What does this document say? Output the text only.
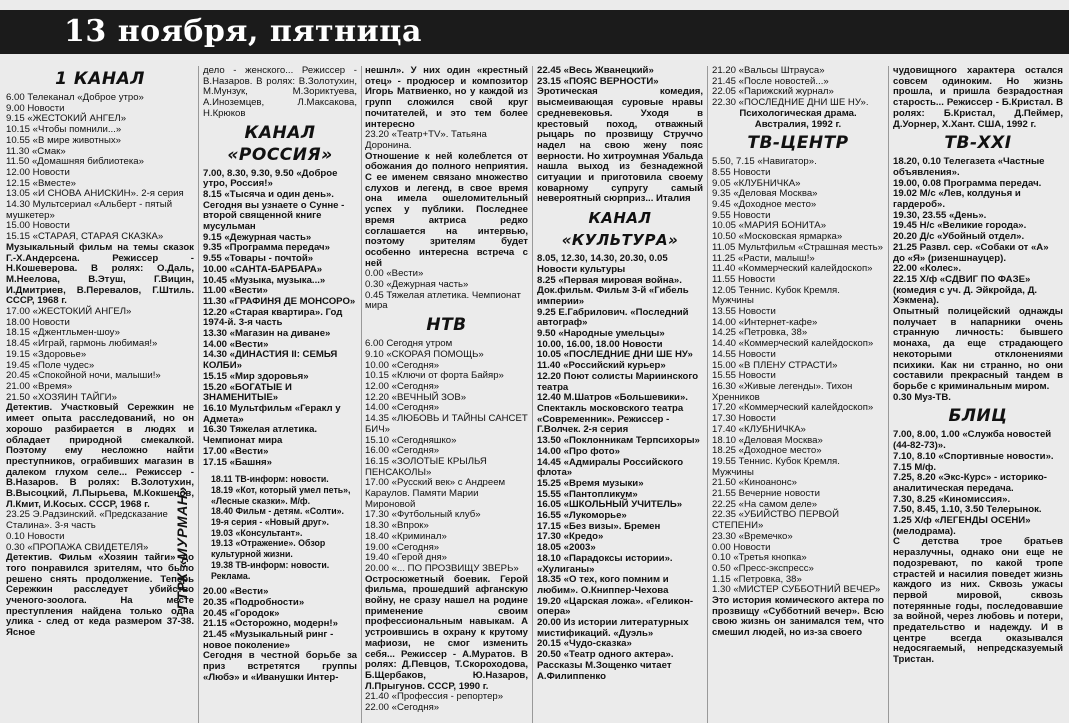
13 ноября, пятница
1 КАНАЛ

6.00 Телеканал «Доброе утро»
9.00 Новости
9.15 «ЖЕСТОКИЙ АНГЕЛ»
10.15 «Чтобы помнили...»
10.55 «В мире животных»
11.30 «Смак»
11.50 «Домашняя библиотека»
12.00 Новости
12.15 «Вместе»
13.05 «И СНОВА АНИСКИН». 2-я серия
14.30 Мультсериал «Альберт - пятый мушкетер»
15.00 Новости
15.15 «СТАРАЯ, СТАРАЯ СКАЗКА»

Музыкальный фильм на темы сказок Г.-Х.Андерсена. Режиссер - Н.Кошеверова. В ролях: О.Даль, М.Неелова, В.Этуш, Г.Вицин, И.Дмитриев, В.Перевалов, Г.Штиль. СССР, 1968 г.

17.00 «ЖЕСТОКИЙ АНГЕЛ»
18.00 Новости
18.15 «Джентльмен-шоу»
18.45 «Играй, гармонь любимая!»
19.15 «Здоровье»
19.45 «Поле чудес»
20.45 «Спокойной ночи, малыши!»
21.00 «Время»
21.50 «ХОЗЯИН ТАЙГИ»

Детектив. Участковый Сережкин не имеет опыта расследований, но он хорошо разбирается в людях и обладает природной смекалкой. Поэтому ему несложно найти преступников, ограбивших магазин в далеком глухом селе... Режиссер - В.Назаров. В ролях: В.Золотухин, В.Высоцкий, Л.Пырьева, М.Кокшенов, Л.Кмит, И.Косых. СССР, 1968 г.

23.25 Э.Радзинский. «Предсказание Сталина». 3-я часть
0.10 Новости
0.30 «ПРОПАЖА СВИДЕТЕЛЯ»

Детектив. Фильм «Хозяин тайги» до того понравился зрителям, что было решено снять продолжение. Теперь Сережкин расследует убийство ученого-зоолога. На месте преступления найдена только одна улика - след от кеда размером 37-38. Ясное

дело - женского... Режиссер - В.Назаров. В ролях: В.Золотухин, М.Мунзук, М.Зориктуева, А.Иноземцев, Л.Максакова, Н.Крюков

КАНАЛ «РОССИЯ»

7.00, 8.30, 9.30, 9.50 «Доброе утро, Россия!»
8.15 «Тысяча и один день». Сегодня вы узнаете о Сунне - второй священной книге мусульман
9.15 «Дежурная часть»
9.35 «Программа передач»
9.55 «Товары - почтой»
10.00 «САНТА-БАРБАРА»
10.45 «Музыка, музыка...»
11.00 «Вести»
11.30 «ГРАФИНЯ ДЕ МОНСОРО»
12.20 «Старая квартира». Год 1974-й. 3-я часть
13.30 «Магазин на диване»
14.00 «Вести»
14.30 «ДИНАСТИЯ II: СЕМЬЯ КОЛБИ»
15.15 «Мир здоровья»
15.20 «БОГАТЫЕ И ЗНАМЕНИТЫЕ»
16.10 Мультфильм «Геракл у Адмета»
16.30 Тяжелая атлетика. Чемпионат мира
17.00 «Вести»
17.15 «Башня»

18.11 ТВ-информ: новости.
18.19 «Кот, который умел петь», «Лесные сказки». М/ф.
18.40 Фильм - детям. «Солти». 19-я серия - «Новый друг».
19.03 «Консультант».
19.13 «Отражение». Обзор культурной жизни.
19.38 ТВ-информ: новости. Реклама.

20.00 «Вести»
20.35 «Подробности»
20.45 «Городок»
21.15 «Осторожно, модерн!»
21.45 «Музыкальный ринг - новое поколение»

Сегодня в честной борьбе за приз встретятся группы «Любэ» и «Иванушки Интер-

ГТРК «МУРМАН»

нешнл». У них один «крестный отец» - продюсер и композитор Игорь Матвиенко, но у каждой из групп сложился свой круг почитателей, и это тем более интересно

23.20 «Театр+TV». Татьяна Доронина.

Отношение к ней колеблется от обожания до полного неприятия. С ее именем связано множество слухов и легенд, в свое время она имела ошеломительный успех у публики. Последнее время актриса редко соглашается на интервью, поэтому зрителям будет особенно интересна встреча с ней

0.00 «Вести»
0.30 «Дежурная часть»
0.45 Тяжелая атлетика. Чемпионат мира

НТВ

6.00 Сегодня утром
9.10 «СКОРАЯ ПОМОЩЬ»
10.00 «Сегодня»
10.15 «Ключи от форта Байяр»
12.00 «Сегодня»
12.20 «ВЕЧНЫЙ ЗОВ»
14.00 «Сегодня»
14.35 «ЛЮБОВЬ И ТАЙНЫ САНСЕТ БИЧ»
15.10 «Сегодняшко»
16.00 «Сегодня»
16.15 «ЗОЛОТЫЕ КРЫЛЬЯ ПЕНСАКОЛЫ»
17.00 «Русский век» с Андреем Караулов. Памяти Марии Мироновой
17.30 «Футбольный клуб»
18.30 «Впрок»
18.40 «Криминал»
19.00 «Сегодня»
19.40 «Герой дня»
20.00 «... ПО ПРОЗВИЩУ ЗВЕРЬ»

Остросюжетный боевик. Герой фильма, прошедший афганскую войну, не сразу нашел на родине применение своим профессиональным навыкам. А устроившись в охрану к крутому мафиози, не смог изменить себя... Режиссер - А.Муратов. В ролях: Д.Певцов, Т.Скороходова, Б.Щербаков, Ю.Назаров, Л.Прыгунов. СССР, 1990 г.

21.40 «Профессия - репортер»
22.00 «Сегодня»

22.45 «Весь Жванецкий»
23.15 «ПОЯС ВЕРНОСТИ»

Эротическая комедия, высмеивающая суровые нравы средневековья. Уходя в крестовый поход, отважный рыцарь по прозвищу Струччо надел на свою жену пояс верности. Но хитроумная Убальда нашла выход из безнадежной ситуации и приготовила своему коварному супругу самый невероятный сюрприз... Италия

КАНАЛ «КУЛЬТУРА»

8.05, 12.30, 14.30, 20.30, 0.05 Новости культуры
8.25 «Первая мировая война». Док.фильм. Фильм 3-й «Гибель империи»
9.25 Е.Габрилович. «Последний автограф»
9.50 «Народные умельцы»
10.00, 16.00, 18.00 Новости
10.05 «ПОСЛЕДНИЕ ДНИ ШЕ НУ»
11.40 «Российский курьер»
12.20 Поют солисты Мариинского театра
12.40 М.Шатров «Большевики». Спектакль московского театра «Современник». Режиссер - Г.Волчек. 2-я серия
13.50 «Поклонникам Терпсихоры»
14.00 «Про фото»
14.45 «Адмиралы Российского флота»
15.25 «Время музыки»
15.55 «Пантопликум»
16.05 «ШКОЛЬНЫЙ УЧИТЕЛЬ»
16.55 «Лукоморье»
17.15 «Без визы». Бремен
17.30 «Кредо»
18.05 «2003»
18.10 «Парадоксы истории». «Хулиганы»
18.35 «О тех, кого помним и любим». О.Книппер-Чехова
19.20 «Царская ложа». «Геликон-опера»
20.00 Из истории литературных мистификаций. «Дуэль»
20.15 «Чудо-сказка»
20.50 «Театр одного актера». Рассказы М.Зощенко читает А.Филиппенко

21.20 «Вальсы Штрауса»
21.45 «После новостей...»
22.05 «Парижский журнал»
22.30 «ПОСЛЕДНИЕ ДНИ ШЕ НУ».

Психологическая драма. Австралия, 1992 г.

ТВ-ЦЕНТР

5.50, 7.15 «Навигатор».
8.55 Новости
9.05 «КЛУБНИЧКА»
9.35 «Деловая Москва»
9.45 «Доходное место»
9.55 Новости
10.05 «МАРИЯ БОНИТА»
10.50 «Московская ярмарка»
11.05 Мультфильм «Страшная месть»
11.25 «Расти, малыш!»
11.40 «Коммерческий калейдоскоп»
11.55 Новости
12.05 Теннис. Кубок Кремля. Мужчины
13.55 Новости
14.00 «Интернет-кафе»
14.25 «Петровка, 38»
14.40 «Коммерческий калейдоскоп»
14.55 Новости
15.00 «В ПЛЕНУ СТРАСТИ»
15.55 Новости
16.30 «Живые легенды». Тихон Хренников
17.20 «Коммерческий калейдоскоп»
17.30 Новости
17.40 «КЛУБНИЧКА»
18.10 «Деловая Москва»
18.25 «Доходное место»
19.55 Теннис. Кубок Кремля. Мужчины
21.50 «Кинoанонс»
21.55 Вечерние новости
22.25 «На самом деле»
22.35 «УБИЙСТВО ПЕРВОЙ СТЕПЕНИ»
23.30 «Времечко»
0.00 Новости
0.10 «Третья кнопка»
0.50 «Пресс-экспресс»
1.15 «Петровка, 38»
1.30 «МИСТЕР СУББОТНИЙ ВЕЧЕР»

Это история комического актера по прозвищу «Субботний вечер». Всю свою жизнь он занимался тем, что смешил людей, но из-за своего

чудовищного характера остался совсем одиноким. Но жизнь прошла, и пришла безрадостная старость... Режиссер - Б.Кристал. В ролях: Б.Кристал, Д.Пеймер, Д.Уорнер, Х.Хант. США, 1992 г.

ТВ-XXI

18.20, 0.10 Телегазета «Частные объявления».
19.00, 0.08 Программа передач.
19.02 М/с «Лев, колдунья и гардероб».
19.30, 23.55 «День».
19.45 Н/с «Великие города».
20.20 Д/с «Убойный отдел».
21.25 Развл. сер. «Собаки от «А» до «Я» (ризеншнауцер).
22.00 «Колес».
22.15 Х/ф «СДВИГ ПО ФАЗЕ» (комедия с уч. Д. Эйкройда, Д. Хэкмена).

Опытный полицейский однажды получает в напарники очень странную личность: бывшего монаха, да еще страдающего некоторыми отклонениями психики. Как ни странно, но они составили прекрасный тандем в борьбе с криминальным миром.

0.30 Муз-ТВ.

БЛИЦ

7.00, 8.00, 1.00 «Служба новостей (44-82-73)».
7.10, 8.10 «Спортивные новости».
7.15 М/ф.
7.25, 8.20 «Экс-Курс» - историко-аналитическая передача.
7.30, 8.25 «Киномиссия».
7.50, 8.45, 1.10, 3.50 Телерынок.
1.25 Х/ф «ЛЕГЕНДЫ ОСЕНИ» (мелодрама).

С детства трое братьев неразлучны, однако они еще не подозревают, по какой тропе страстей и насилия поведет жизнь каждого из них. Сквозь ужасы первой мировой, сквозь потерянные годы, последовавшие за войной, через любовь и потери, предательство и надежду. И в центре всегда оказывался недосягаемый, непредсказуемый Тристан.
